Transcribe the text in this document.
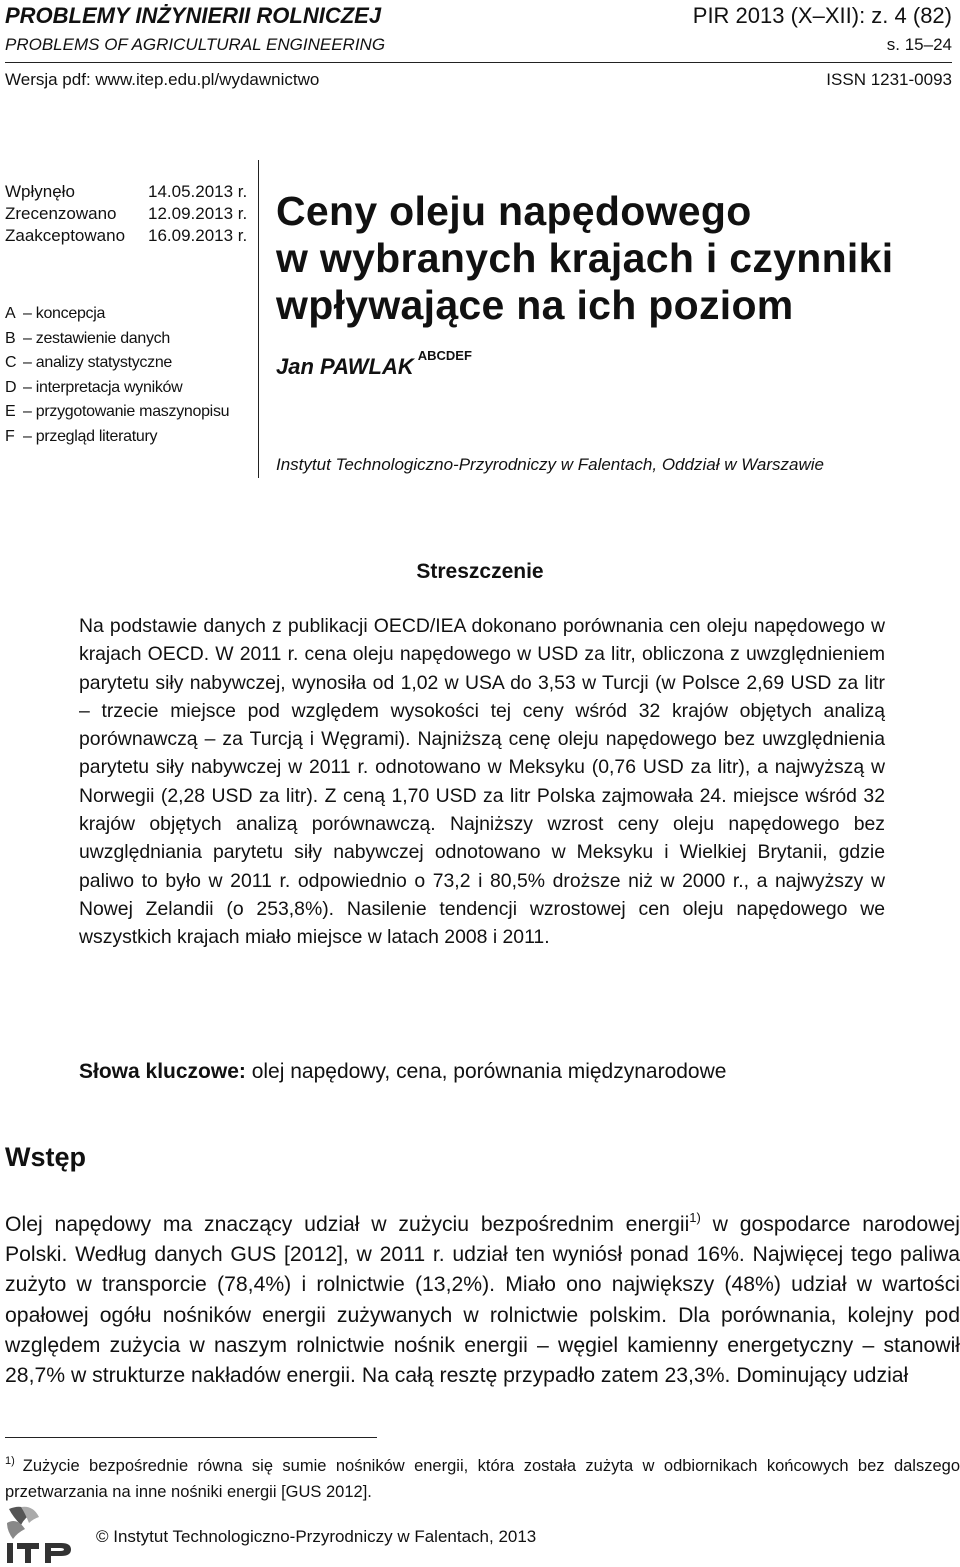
PROBLEMY INŻYNIERII ROLNICZEJ
PROBLEMS OF AGRICULTURAL ENGINEERING
PIR 2013 (X–XII): z. 4 (82)
s. 15–24
Wersja pdf: www.itep.edu.pl/wydawnictwo	ISSN 1231-0093
Wpłynęło	14.05.2013 r.
Zrecenzowano	12.09.2013 r.
Zaakceptowano	16.09.2013 r.
A – koncepcja
B – zestawienie danych
C – analizy statystyczne
D – interpretacja wyników
E – przygotowanie maszynopisu
F – przegląd literatury
Ceny oleju napędowego
w wybranych krajach i czynniki
wpływające na ich poziom
Jan PAWLAK $^{ABCDEF}$
Instytut Technologiczno-Przyrodniczy w Falentach, Oddział w Warszawie
Streszczenie
Na podstawie danych z publikacji OECD/IEA dokonano porównania cen oleju napędowego w krajach OECD. W 2011 r. cena oleju napędowego w USD za litr, obliczona z uwzględnieniem parytetu siły nabywczej, wynosiła od 1,02 w USA do 3,53 w Turcji (w Polsce 2,69 USD za litr – trzecie miejsce pod względem wysokości tej ceny wśród 32 krajów objętych analizą porównawczą – za Turcją i Węgrami). Najniższą cenę oleju napędowego bez uwzględnienia parytetu siły nabywczej w 2011 r. odnotowano w Meksyku (0,76 USD za litr), a najwyższą w Norwegii (2,28 USD za litr). Z ceną 1,70 USD za litr Polska zajmowała 24. miejsce wśród 32 krajów objętych analizą porównawczą. Najniższy wzrost ceny oleju napędowego bez uwzględniania parytetu siły nabywczej odnotowano w Meksyku i Wielkiej Brytanii, gdzie paliwo to było w 2011 r. odpowiednio o 73,2 i 80,5% droższe niż w 2000 r., a najwyższy w Nowej Zelandii (o 253,8%). Nasilenie tendencji wzrostowej cen oleju napędowego we wszystkich krajach miało miejsce w latach 2008 i 2011.
Słowa kluczowe: olej napędowy, cena, porównania międzynarodowe
Wstęp
Olej napędowy ma znaczący udział w zużyciu bezpośrednim energii$^{1)}$ w gospodarce narodowej Polski. Według danych GUS [2012], w 2011 r. udział ten wyniósł ponad 16%. Najwięcej tego paliwa zużyto w transporcie (78,4%) i rolnictwie (13,2%). Miało ono największy (48%) udział w wartości opałowej ogółu nośników energii zużywanych w rolnictwie polskim. Dla porównania, kolejny pod względem zużycia w naszym rolnictwie nośnik energii – węgiel kamienny energetyczny – stanowił 28,7% w strukturze nakładów energii. Na całą resztę przypadło zatem 23,3%. Dominujący udział
$^{1)}$ Zużycie bezpośrednie równa się sumie nośników energii, która została zużyta w odbiornikach końcowych bez dalszego przetwarzania na inne nośniki energii [GUS 2012].
© Instytut Technologiczno-Przyrodniczy w Falentach, 2013
